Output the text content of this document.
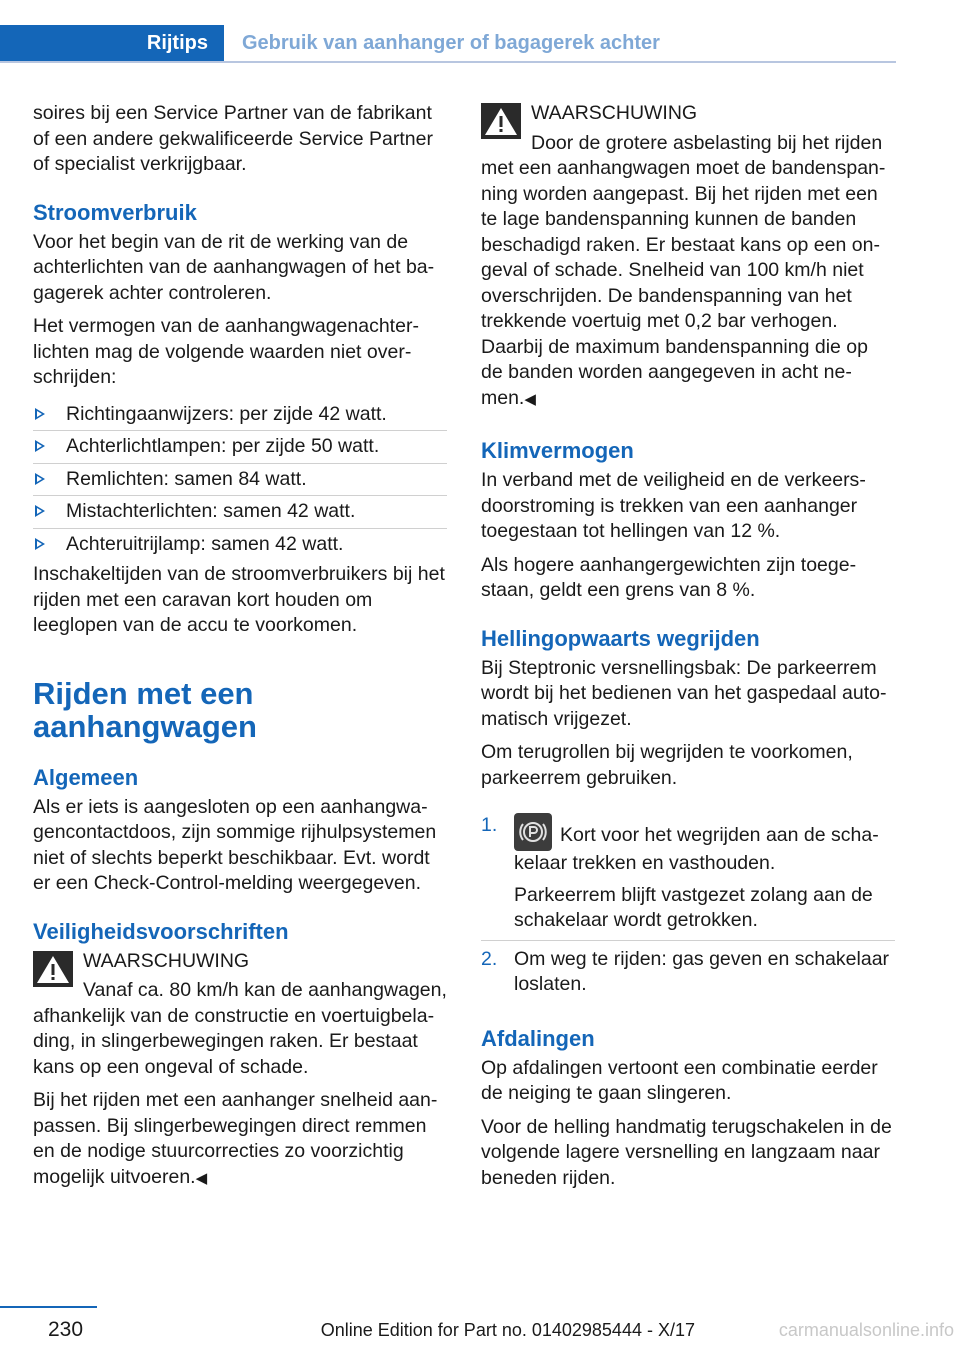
Rijtips Gebruik van aanhanger of bagagerek achter

soires bij een Service Partner van de fabrikant of een andere gekwalificeerde Service Partner of specialist verkrijgbaar.

Stroomverbruik

Voor het begin van de rit de werking van de achterlichten van de aanhangwagen of het bagagerek achter controleren.

Het vermogen van de aanhangwagenachterlichten mag de volgende waarden niet overschrijden:

Richtingaanwijzers: per zijde 42 watt.
Achterlichtlampen: per zijde 50 watt.
Remlichten: samen 84 watt.
Mistachterlichten: samen 42 watt.
Achteruitrijlamp: samen 42 watt.

Inschakeltijden van de stroomverbruikers bij het rijden met een caravan kort houden om leeglopen van de accu te voorkomen.

Rijden met een aanhangwagen
Algemeen

Als er iets is aangesloten op een aanhangwagencontactdoos, zijn sommige rijhulpsystemen niet of slechts beperkt beschikbaar. Evt. wordt er een Check-Control-melding weergegeven.

Veiligheidsvoorschriften

WAARSCHUWING

Vanaf ca. 80 km/h kan de aanhangwagen, afhankelijk van de constructie en voertuigbelading, in slingerbewegingen raken. Er bestaat kans op een ongeval of schade.

Bij het rijden met een aanhanger snelheid aanpassen. Bij slingerbewegingen direct remmen en de nodige stuurcorrecties zo voorzichtig mogelijk uitvoeren.◀

WAARSCHUWING

Door de grotere asbelasting bij het rijden met een aanhangwagen moet de bandenspanning worden aangepast. Bij het rijden met een te lage bandenspanning kunnen de banden beschadigd raken. Er bestaat kans op een ongeval of schade. Snelheid van 100 km/h niet overschrijden. De bandenspanning van het trekkende voertuig met 0,2 bar verhogen. Daarbij de maximum bandenspanning die op de banden worden aangegeven in acht nemen.◀

Klimvermogen

In verband met de veiligheid en de verkeersdoorstroming is trekken van een aanhanger toegestaan tot hellingen van 12 %.

Als hogere aanhangergewichten zijn toegestaan, geldt een grens van 8 %.

Hellingopwaarts wegrijden

Bij Steptronic versnellingsbak: De parkeerrem wordt bij het bedienen van het gaspedaal automatisch vrijgezet.

Om terugrollen bij wegrijden te voorkomen, parkeerrem gebruiken.

1.	Kort voor het wegrijden aan de schakelaar trekken en vasthouden.
Parkeerrem blijft vastgezet zolang aan de schakelaar wordt getrokken.
2. Om weg te rijden: gas geven en schakelaar loslaten.
Afdalingen

Op afdalingen vertoont een combinatie eerder de neiging te gaan slingeren.

Voor de helling handmatig terugschakelen in de volgende lagere versnelling en langzaam naar beneden rijden.

230	Online Edition for Part no. 01402985444 - X/17	carmanualsonline.info
